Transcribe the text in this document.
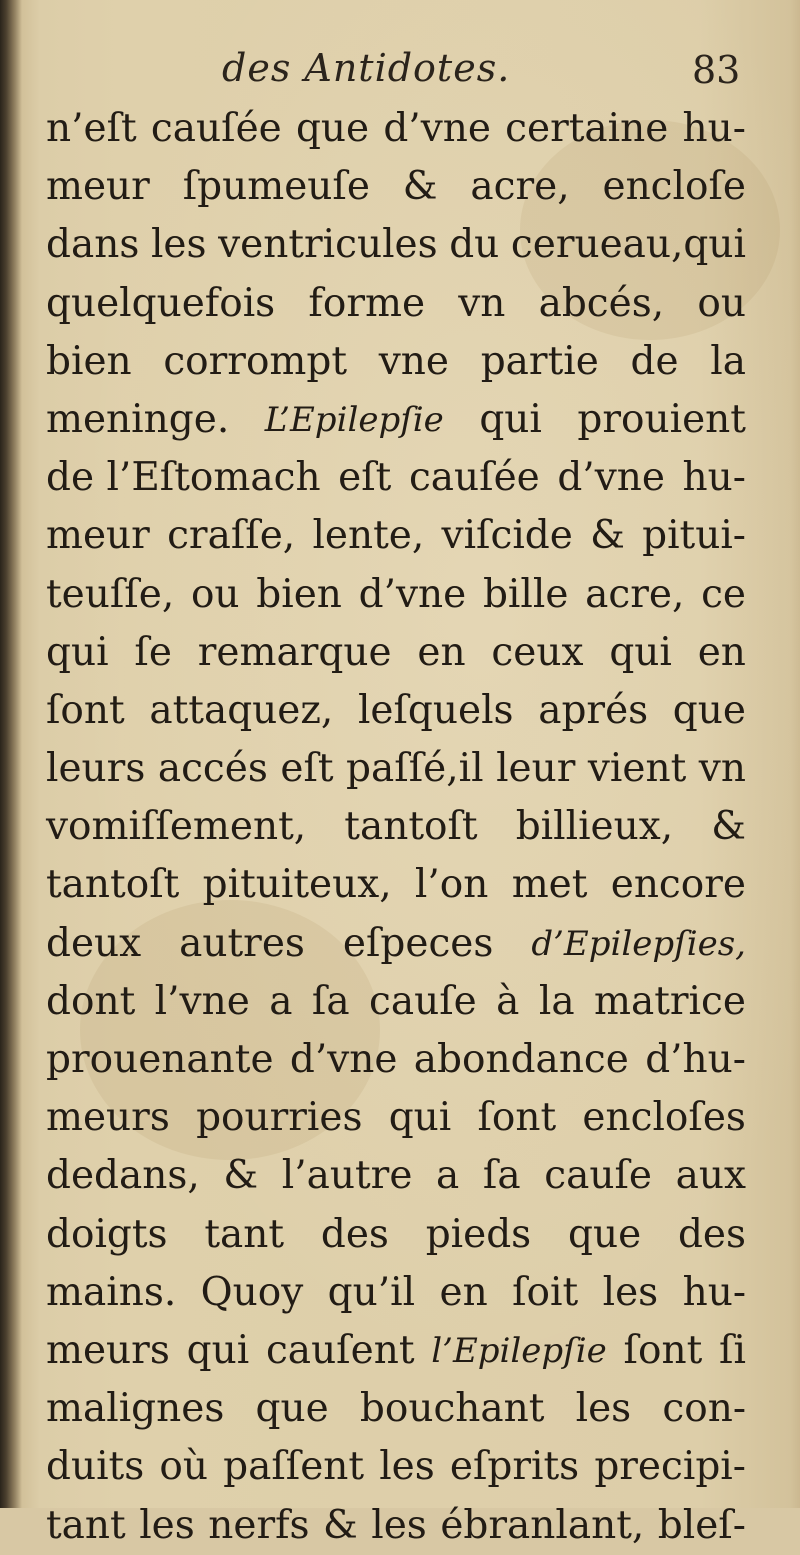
des Antidotes.	83
n’eſt cauſée que d’vne certaine hu-
meur ſpumeuſe & acre, encloſe
dans les ventricules du cerueau,qui
quelquefois forme vn abcés, ou
bien corrompt vne partie de la
meninge. L’Epilepſie qui prouient
de l’Eſtomach eſt cauſée d’vne hu-
meur craſſe, lente, viſcide & pitui-
teuſſe, ou bien d’vne bille acre, ce
qui ſe remarque en ceux qui en
ſont attaquez, leſquels aprés que
leurs accés eſt paſſé,il leur vient vn
vomiſſement, tantoſt billieux, &
tantoſt pituiteux, l’on met encore
deux autres eſpeces d’Epilepſies,
dont l’vne a ſa cauſe à la matrice
prouenante d’vne abondance d’hu-
meurs pourries qui ſont encloſes
dedans, & l’autre a ſa cauſe aux
doigts tant des pieds que des
mains. Quoy qu’il en ſoit les hu-
meurs qui cauſent l’Epilepſie ſont ſi
malignes que bouchant les con-
duits où paſſent les eſprits precipi-
tant les nerfs & les ébranlant, bleſ-
